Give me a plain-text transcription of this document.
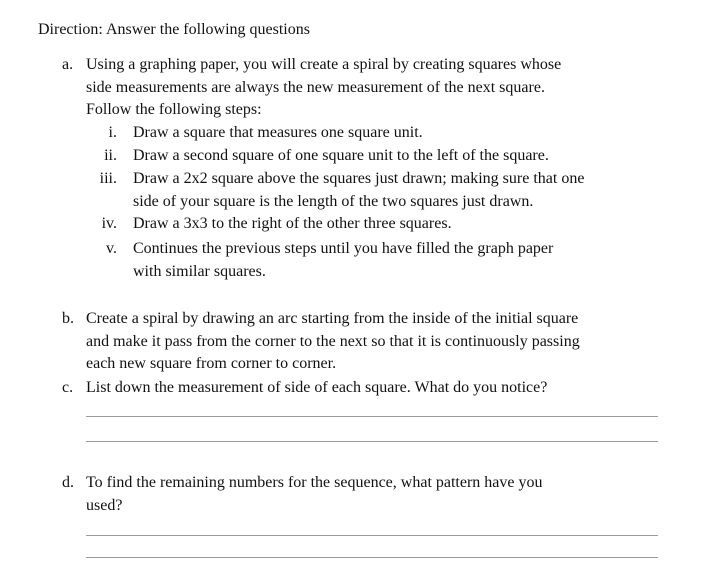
Direction: Answer the following questions
a. Using a graphing paper, you will create a spiral by creating squares whose
side measurements are always the new measurement of the next square.
Follow the following steps:
i. Draw a square that measures one square unit.
ii. Draw a second square of one square unit to the left of the square.
iii. Draw a 2x2 square above the squares just drawn; making sure that one
side of your square is the length of the two squares just drawn.
iv. Draw a 3x3 to the right of the other three squares.
v. Continues the previous steps until you have filled the graph paper
with similar squares.
b. Create a spiral by drawing an arc starting from the inside of the initial square
and make it pass from the corner to the next so that it is continuously passing
each new square from corner to corner.
c. List down the measurement of side of each square. What do you notice?
d. To find the remaining numbers for the sequence, what pattern have you
used?
